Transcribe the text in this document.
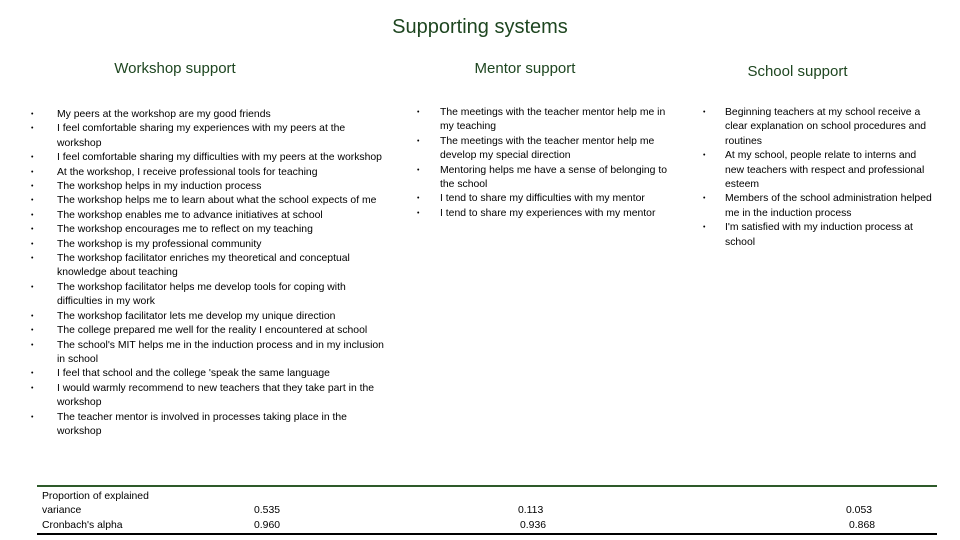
Supporting systems
Workshop support	Mentor support	School support
• My peers at the workshop are my good friends
• I feel comfortable sharing my experiences with my peers at the workshop
• I feel comfortable sharing my difficulties with my peers at the workshop
• At the workshop, I receive professional tools for teaching
• The workshop helps in my induction process
• The workshop helps me to learn about what the school expects of me
• The workshop enables me to advance initiatives at school
• The workshop encourages me to reflect on my teaching
• The workshop is my professional community
• The workshop facilitator enriches my theoretical and conceptual knowledge about teaching
• The workshop facilitator helps me develop tools for coping with difficulties in my work
• The workshop facilitator lets me develop my unique direction
• The college prepared me well for the reality I encountered at school
• The school's MIT helps me in the induction process and in my inclusion in school
• I feel that school and the college 'speak the same language
• I would warmly recommend to new teachers that they take part in the workshop
• The teacher mentor is involved in processes taking place in the workshop
• The meetings with the teacher mentor help me in my teaching
• The meetings with the teacher mentor help me develop my special direction
• Mentoring helps me have a sense of belonging to the school
• I tend to share my difficulties with my mentor
• I tend to share my experiences with my mentor
• Beginning teachers at my school receive a clear explanation on school procedures and routines
• At my school, people relate to interns and new teachers with respect and professional esteem
• Members of the school administration helped me in the induction process
• I'm satisfied with my induction process at school
Proportion of explained
variance
Cronbach's alpha
0.535
0.960
0.113
0.936
0.053
0.868
